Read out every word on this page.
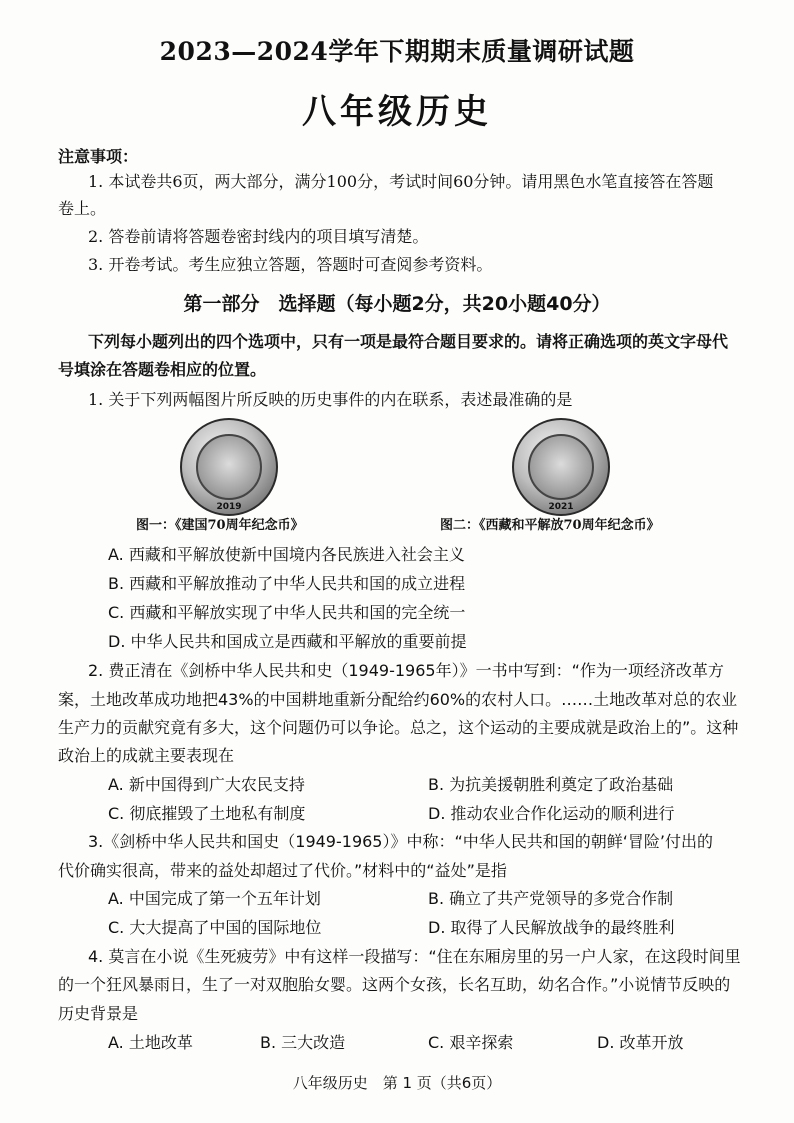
2023—2024学年下期期末质量调研试题
八年级历史
注意事项：
1. 本试卷共6页，两大部分，满分100分，考试时间60分钟。请用黑色水笔直接答在答题
卷上。
2. 答卷前请将答题卷密封线内的项目填写清楚。
3. 开卷考试。考生应独立答题，答题时可查阅参考资料。
第一部分　选择题（每小题2分，共20小题40分）
下列每小题列出的四个选项中，只有一项是最符合题目要求的。请将正确选项的英文字母代
号填涂在答题卷相应的位置。
1. 关于下列两幅图片所反映的历史事件的内在联系，表述最准确的是
2019	2021
图一：《建国70周年纪念币》	图二：《西藏和平解放70周年纪念币》
A. 西藏和平解放使新中国境内各民族进入社会主义
B. 西藏和平解放推动了中华人民共和国的成立进程
C. 西藏和平解放实现了中华人民共和国的完全统一
D. 中华人民共和国成立是西藏和平解放的重要前提
2. 费正清在《剑桥中华人民共和史（1949-1965年）》一书中写到：“作为一项经济改革方
案，土地改革成功地把43%的中国耕地重新分配给约60%的农村人口。……土地改革对总的农业
生产力的贡献究竟有多大，这个问题仍可以争论。总之，这个运动的主要成就是政治上的”。这种
政治上的成就主要表现在
A. 新中国得到广大农民支持	B. 为抗美援朝胜利奠定了政治基础
C. 彻底摧毁了土地私有制度	D. 推动农业合作化运动的顺利进行
3.《剑桥中华人民共和国史（1949-1965）》中称：“中华人民共和国的朝鲜‘冒险’付出的
代价确实很高，带来的益处却超过了代价。”材料中的“益处”是指
A. 中国完成了第一个五年计划	B. 确立了共产党领导的多党合作制
C. 大大提高了中国的国际地位	D. 取得了人民解放战争的最终胜利
4. 莫言在小说《生死疲劳》中有这样一段描写：“住在东厢房里的另一户人家，在这段时间里
的一个狂风暴雨日，生了一对双胞胎女婴。这两个女孩，长名互助，幼名合作。”小说情节反映的
历史背景是
A. 土地改革	B. 三大改造	C. 艰辛探索	D. 改革开放
八年级历史　第 1 页（共6页）
